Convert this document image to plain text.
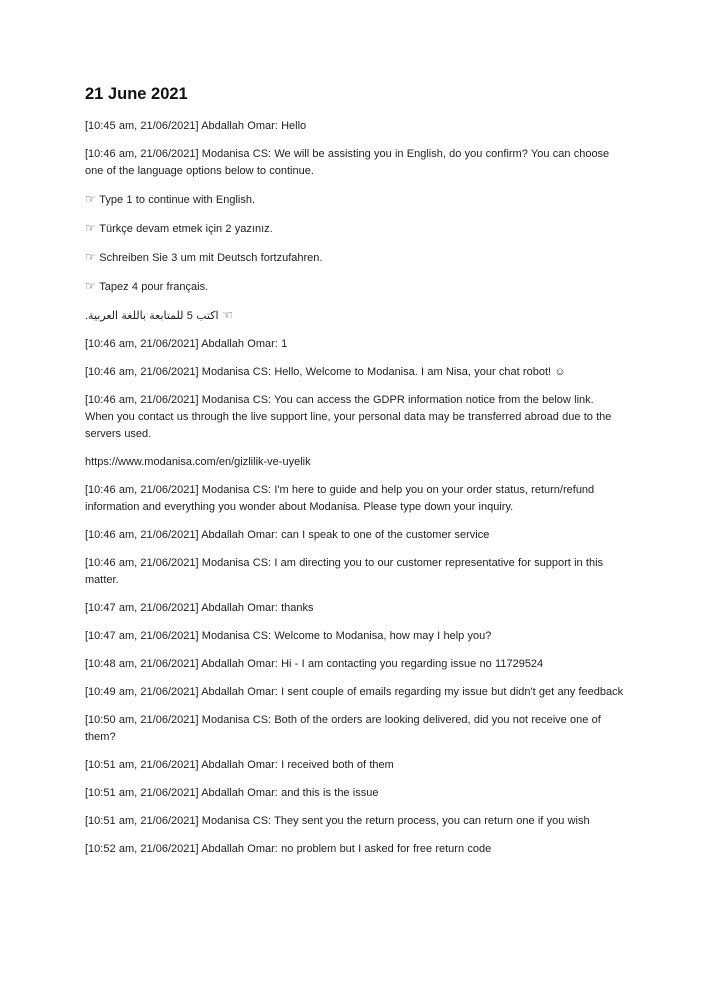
21 June 2021

[10:45 am, 21/06/2021] Abdallah Omar: Hello

[10:46 am, 21/06/2021] Modanisa CS: We will be assisting you in English, do you confirm? You can choose one of the language options below to continue.

☞ Type 1 to continue with English.

☞ Türkçe devam etmek için 2 yazınız.

☞ Schreiben Sie 3 um mit Deutsch fortzufahren.

☞ Tapez 4 pour français.

اكتب 5 للمتابعة باللغة العربية. ☜

[10:46 am, 21/06/2021] Abdallah Omar: 1

[10:46 am, 21/06/2021] Modanisa CS: Hello, Welcome to Modanisa. I am Nisa, your chat robot! ☺

[10:46 am, 21/06/2021] Modanisa CS: You can access the GDPR information notice from the below link. When you contact us through the live support line, your personal data may be transferred abroad due to the servers used.

https://www.modanisa.com/en/gizlilik-ve-uyelik

[10:46 am, 21/06/2021] Modanisa CS: I'm here to guide and help you on your order status, return/refund information and everything you wonder about Modanisa. Please type down your inquiry.

[10:46 am, 21/06/2021] Abdallah Omar: can I speak to one of the customer service

[10:46 am, 21/06/2021] Modanisa CS: I am directing you to our customer representative for support in this matter.

[10:47 am, 21/06/2021] Abdallah Omar: thanks

[10:47 am, 21/06/2021] Modanisa CS: Welcome to Modanisa, how may I help you?

[10:48 am, 21/06/2021] Abdallah Omar: Hi - I am contacting you regarding issue no 11729524

[10:49 am, 21/06/2021] Abdallah Omar: I sent couple of emails regarding my issue but didn't get any feedback

[10:50 am, 21/06/2021] Modanisa CS: Both of the orders are looking delivered, did you not receive one of them?

[10:51 am, 21/06/2021] Abdallah Omar: I received both of them

[10:51 am, 21/06/2021] Abdallah Omar: and this is the issue

[10:51 am, 21/06/2021] Modanisa CS: They sent you the return process, you can return one if you wish

[10:52 am, 21/06/2021] Abdallah Omar: no problem but I asked for free return code
